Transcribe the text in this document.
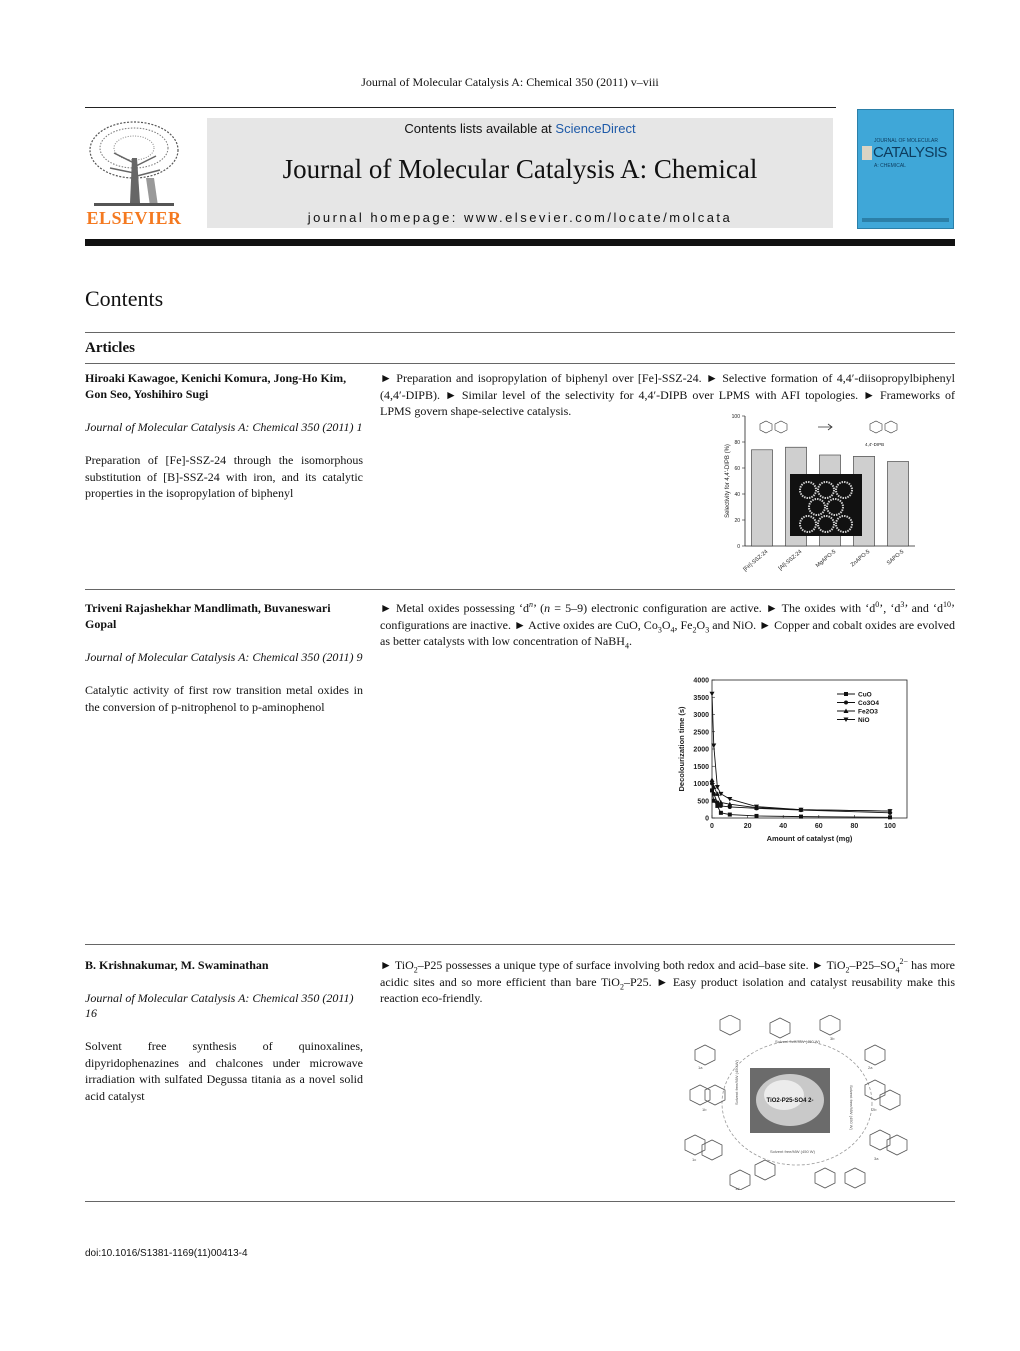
Journal of Molecular Catalysis A: Chemical 350 (2011) v–viii
ELSEVIER
Contents lists available at ScienceDirect
Journal of Molecular Catalysis A: Chemical
journal homepage: www.elsevier.com/locate/molcata
JOURNAL OF MOLECULAR
CATALYSIS
A: CHEMICAL
Contents
Articles
Hiroaki Kawagoe, Kenichi Komura, Jong-Ho Kim, Gon Seo, Yoshihiro Sugi
Journal of Molecular Catalysis A: Chemical 350 (2011) 1
Preparation of [Fe]-SSZ-24 through the isomorphous substitution of [B]-SSZ-24 with iron, and its catalytic properties in the isopropylation of biphenyl
► Preparation and isopropylation of biphenyl over [Fe]-SSZ-24. ► Selective formation of 4,4′-diisopropylbiphenyl (4,4′-DIPB). ► Similar level of the selectivity for 4,4′-DIPB over LPMS with AFI topologies. ► Frameworks of LPMS govern shape-selective catalysis.
0
20
40
60
80
100
Selectivity for 4,4'-DIPB (%)
[Fe]-SSZ-24 [Al]-SSZ-24 MgAPO-5 ZnAPO-5	SAPO-5
4,4'-DIPB
Triveni Rajashekhar Mandlimath, Buvaneswari Gopal
Journal of Molecular Catalysis A: Chemical 350 (2011) 9
Catalytic activity of first row transition metal oxides in the conversion of p-nitrophenol to p-aminophenol
► Metal oxides possessing ‘$d^n$’ (n = 5–9) electronic configuration are active. ► The oxides with ‘$d^0$’, ‘$d^3$’ and ‘$d^{10}$’ configurations are inactive. ► Active oxides are CuO, $Co_3O_4$, $Fe_2O_3$ and NiO. ► Copper and cobalt oxides are evolved as better catalysts with low concentration of NaBH$_4$.
0
500
1000
1500
2000
2500
3000
3500
4000
0	20	40	60	80	100
Amount of catalyst (mg)
Decolourization time (s)
CuO
Co3O4
Fe2O3
NiO
B. Krishnakumar, M. Swaminathan
Journal of Molecular Catalysis A: Chemical 350 (2011) 16
Solvent free synthesis of quinoxalines, dipyridophenazines and chalcones under microwave irradiation with sulfated Degussa titania as a novel solid acid catalyst
► TiO$_2$–P25 possesses a unique type of surface involving both redox and acid–base site. ► $TiO_2-P25-SO_4^{2-}$ has more acidic sites and so more efficient than bare TiO$_2$–P25. ► Easy product isolation and catalyst reusability make this reaction eco-friendly.
Solvent free/MW (450 W)
Solvent free/MW (450 W)
Solvent free/MW (450 W)
Solvent free/MW (450 W)
1a
1b
1c
1d
2a
2b
3a
3b
TiO2-P25-SO4 2-
doi:10.1016/S1381-1169(11)00413-4
